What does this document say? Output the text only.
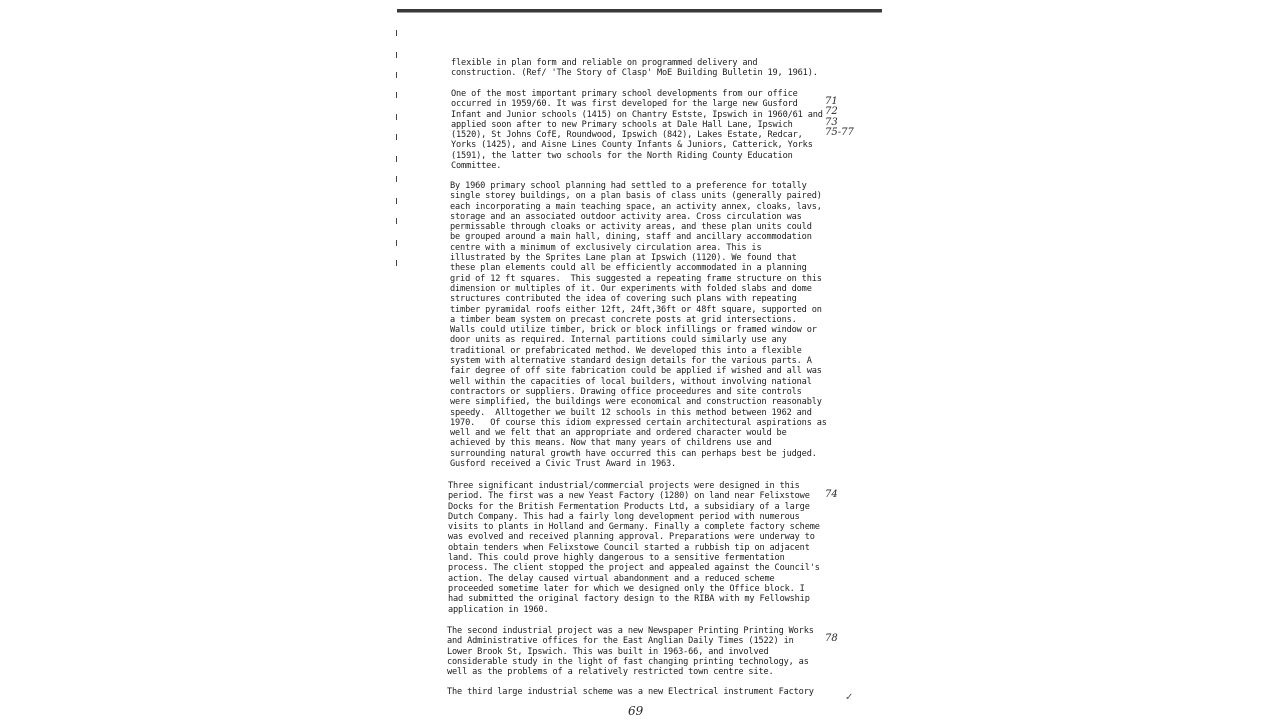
flexible in plan form and reliable on programmed delivery and
construction. (Ref/ 'The Story of Clasp' MoE Building Bulletin 19, 1961).

One of the most important primary school developments from our office
occurred in 1959/60. It was first developed for the large new Gusford
Infant and Junior schools (1415) on Chantry Estste, Ipswich in 1960/61 and
applied soon after to new Primary schools at Dale Hall Lane, Ipswich
(1520), St Johns CofE, Roundwood, Ipswich (842), Lakes Estate, Redcar,
Yorks (1425), and Aisne Lines County Infants & Juniors, Catterick, Yorks
(1591), the latter two schools for the North Riding County Education
Committee.

By 1960 primary school planning had settled to a preference for totally
single storey buildings, on a plan basis of class units (generally paired)
each incorporating a main teaching space, an activity annex, cloaks, lavs,
storage and an associated outdoor activity area. Cross circulation was
permissable through cloaks or activity areas, and these plan units could
be grouped around a main hall, dining, staff and ancillary accommodation
centre with a minimum of exclusively circulation area. This is
illustrated by the Sprites Lane plan at Ipswich (1120). We found that
these plan elements could all be efficiently accommodated in a planning
grid of 12 ft squares.  This suggested a repeating frame structure on this
dimension or multiples of it. Our experiments with folded slabs and dome
structures contributed the idea of covering such plans with repeating
timber pyramidal roofs either 12ft, 24ft,36ft or 48ft square, supported on
a timber beam system on precast concrete posts at grid intersections.
Walls could utilize timber, brick or block infillings or framed window or
door units as required. Internal partitions could similarly use any
traditional or prefabricated method. We developed this into a flexible
system with alternative standard design details for the various parts. A
fair degree of off site fabrication could be applied if wished and all was
well within the capacities of local builders, without involving national
contractors or suppliers. Drawing office proceedures and site controls
were simplified, the buildings were economical and construction reasonably
speedy.  Alltogether we built 12 schools in this method between 1962 and
1970.   Of course this idiom expressed certain architectural aspirations as
well and we felt that an appropriate and ordered character would be
achieved by this means. Now that many years of childrens use and
surrounding natural growth have occurred this can perhaps best be judged.
Gusford received a Civic Trust Award in 1963.

Three significant industrial/commercial projects were designed in this
period. The first was a new Yeast Factory (1280) on land near Felixstowe
Docks for the British Fermentation Products Ltd, a subsidiary of a large
Dutch Company. This had a fairly long development period with numerous
visits to plants in Holland and Germany. Finally a complete factory scheme
was evolved and received planning approval. Preparations were underway to
obtain tenders when Felixstowe Council started a rubbish tip on adjacent
land. This could prove highly dangerous to a sensitive fermentation
process. The client stopped the project and appealed against the Council's
action. The delay caused virtual abandonment and a reduced scheme
proceeded sometime later for which we designed only the Office block. I
had submitted the original factory design to the RIBA with my Fellowship
application in 1960.

The second industrial project was a new Newspaper Printing Printing Works
and Administrative offices for the East Anglian Daily Times (1522) in
Lower Brook St, Ipswich. This was built in 1963-66, and involved
considerable study in the light of fast changing printing technology, as
well as the problems of a relatively restricted town centre site.

The third large industrial scheme was a new Electrical instrument Factory

71
72
73
75-77
74
78
✓
69
